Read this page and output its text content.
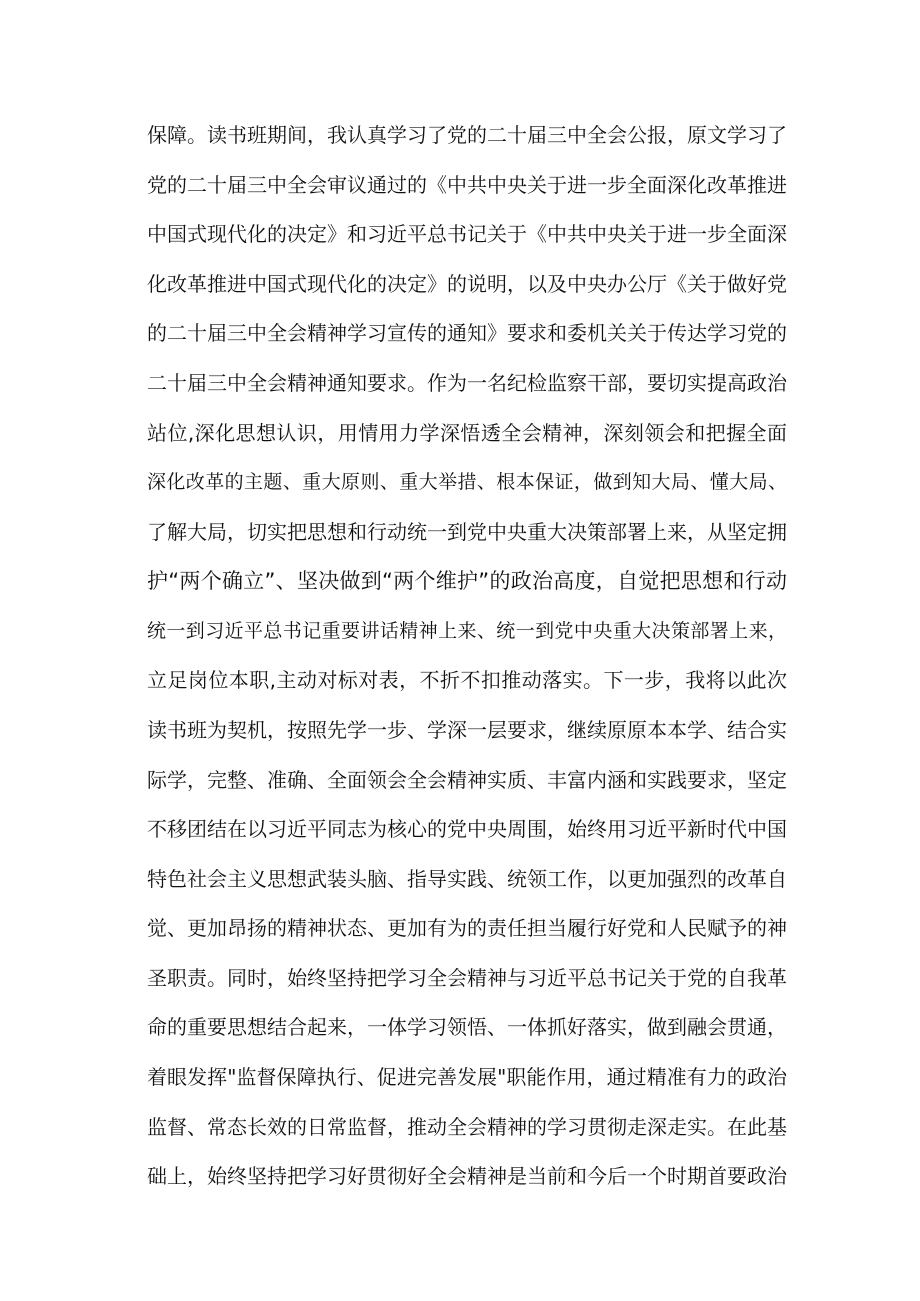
保障。读书班期间，我认真学习了党的二十届三中全会公报，原文学习了
党的二十届三中全会审议通过的《中共中央关于进一步全面深化改革推进
中国式现代化的决定》和习近平总书记关于《中共中央关于进一步全面深
化改革推进中国式现代化的决定》的说明，以及中央办公厅《关于做好党
的二十届三中全会精神学习宣传的通知》要求和委机关关于传达学习党的
二十届三中全会精神通知要求。作为一名纪检监察干部，要切实提高政治
站位,深化思想认识，用情用力学深悟透全会精神，深刻领会和把握全面
深化改革的主题、重大原则、重大举措、根本保证，做到知大局、懂大局、
了解大局，切实把思想和行动统一到党中央重大决策部署上来，从坚定拥
护“两个确立”、坚决做到“两个维护”的政治高度，自觉把思想和行动
统一到习近平总书记重要讲话精神上来、统一到党中央重大决策部署上来，
立足岗位本职,主动对标对表，不折不扣推动落实。下一步，我将以此次
读书班为契机，按照先学一步、学深一层要求，继续原原本本学、结合实
际学，完整、准确、全面领会全会精神实质、丰富内涵和实践要求，坚定
不移团结在以习近平同志为核心的党中央周围，始终用习近平新时代中国
特色社会主义思想武装头脑、指导实践、统领工作，以更加强烈的改革自
觉、更加昂扬的精神状态、更加有为的责任担当履行好党和人民赋予的神
圣职责。同时，始终坚持把学习全会精神与习近平总书记关于党的自我革
命的重要思想结合起来，一体学习领悟、一体抓好落实，做到融会贯通，
着眼发挥"监督保障执行、促进完善发展"职能作用，通过精准有力的政治
监督、常态长效的日常监督，推动全会精神的学习贯彻走深走实。在此基
础上，始终坚持把学习好贯彻好全会精神是当前和今后一个时期首要政治
